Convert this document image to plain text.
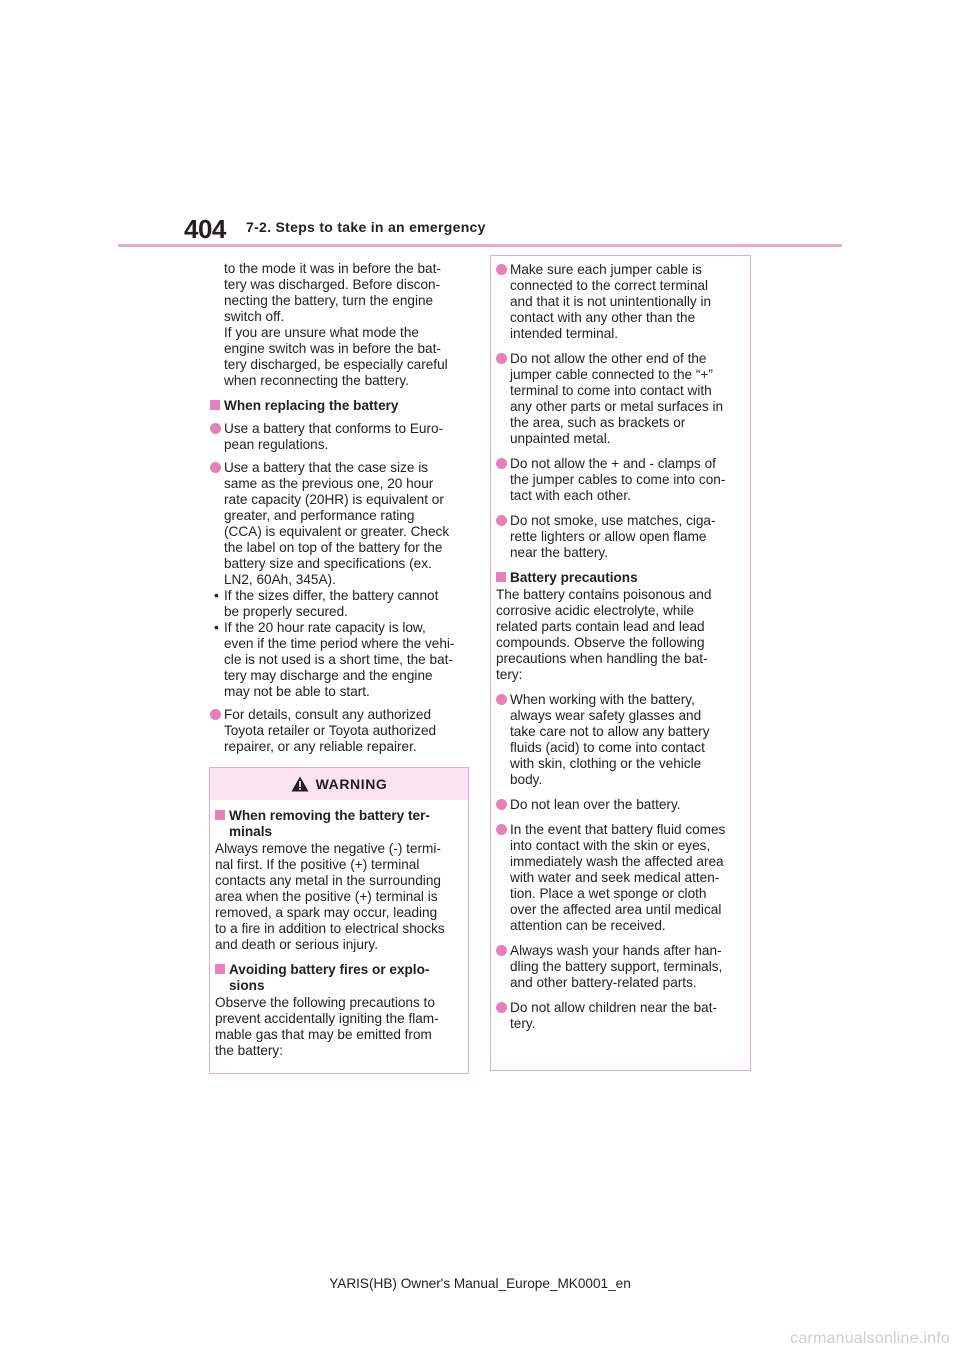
404 7-2. Steps to take in an emergency
to the mode it was in before the bat-
tery was discharged. Before discon-
necting the battery, turn the engine
switch off.
If you are unsure what mode the
engine switch was in before the bat-
tery discharged, be especially careful
when reconnecting the battery.
When replacing the battery
Use a battery that conforms to Euro-
pean regulations.
Use a battery that the case size is
same as the previous one, 20 hour
rate capacity (20HR) is equivalent or
greater, and performance rating
(CCA) is equivalent or greater. Check
the label on top of the battery for the
battery size and specifications (ex.
LN2, 60Ah, 345A).
• If the sizes differ, the battery cannot
be properly secured.
• If the 20 hour rate capacity is low,
even if the time period where the vehi-
cle is not used is a short time, the bat-
tery may discharge and the engine
may not be able to start.
For details, consult any authorized
Toyota retailer or Toyota authorized
repairer, or any reliable repairer.
WARNING
When removing the battery ter-
minals
Always remove the negative (-) termi-
nal first. If the positive (+) terminal
contacts any metal in the surrounding
area when the positive (+) terminal is
removed, a spark may occur, leading
to a fire in addition to electrical shocks
and death or serious injury.
Avoiding battery fires or explo-
sions
Observe the following precautions to
prevent accidentally igniting the flam-
mable gas that may be emitted from
the battery:
Make sure each jumper cable is
connected to the correct terminal
and that it is not unintentionally in
contact with any other than the
intended terminal.
Do not allow the other end of the
jumper cable connected to the “+”
terminal to come into contact with
any other parts or metal surfaces in
the area, such as brackets or
unpainted metal.
Do not allow the + and - clamps of
the jumper cables to come into con-
tact with each other.
Do not smoke, use matches, ciga-
rette lighters or allow open flame
near the battery.
Battery precautions
The battery contains poisonous and
corrosive acidic electrolyte, while
related parts contain lead and lead
compounds. Observe the following
precautions when handling the bat-
tery:
When working with the battery,
always wear safety glasses and
take care not to allow any battery
fluids (acid) to come into contact
with skin, clothing or the vehicle
body.
Do not lean over the battery.
In the event that battery fluid comes
into contact with the skin or eyes,
immediately wash the affected area
with water and seek medical atten-
tion. Place a wet sponge or cloth
over the affected area until medical
attention can be received.
Always wash your hands after han-
dling the battery support, terminals,
and other battery-related parts.
Do not allow children near the bat-
tery.
YARIS(HB) Owner's Manual_Europe_MK0001_en
carmanualsonline.info
